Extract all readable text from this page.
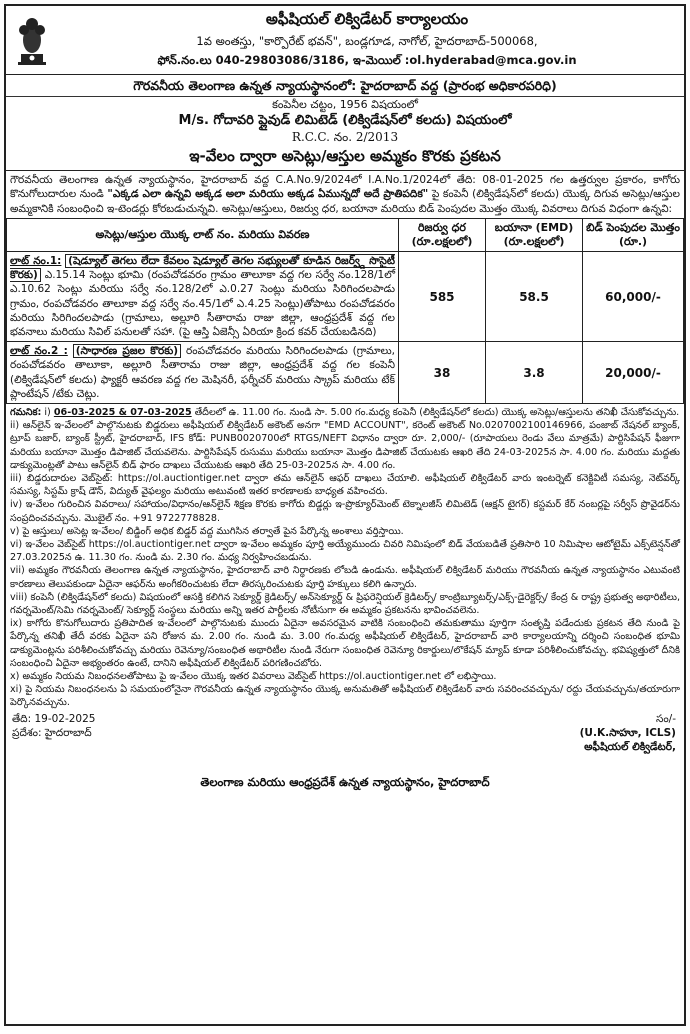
అఫీషియల్ లిక్విడేటర్ కార్యాలయం
1వ అంతస్తు, "కార్పొరేట్ భవన్", బండ్లగూడ, నాగోల్, హైదరాబాద్-500068,
ఫోన్.నం.లు 040-29803086/3186, ఇ-మెయిల్ :ol.hyderabad@mca.gov.in
గౌరవనీయ తెలంగాణ ఉన్నత న్యాయస్థానంలో: హైదరాబాద్ వద్ద (ప్రారంభ అధికారపరిధి)
కంపెనీల చట్టం, 1956 విషయంలో
M/s. గోదావరి ప్లైవుడ్ లిమిటెడ్ (లిక్విడేషన్‌లో కలదు) విషయంలో
R.C.C. నం. 2/2013
ఇ-వేలం ద్వారా అసెట్లు/ఆస్తుల అమ్మకం కొరకు ప్రకటన
గౌరవనీయ తెలంగాణ ఉన్నత న్యాయస్థానం, హైదరాబాద్ వద్ద C.A.No.9/2024లో I.A.No.1/2024లో తేది: 08-01-2025 గల ఉత్తర్వుల ప్రకారం, కాగోరు కొనుగోలుదారుల నుండి "ఎక్కడ ఎలా ఉన్నవి అక్కడ అలా మరియు అక్కడ ఏమున్నదో అదే ప్రాతిపదిక" పై కంపెనీ (లిక్విడేషన్‌లో కలదు) యొక్క దిగువ అసెట్లు/ఆస్తుల అమ్మకానికి సంబంధించి ఇ-టెండర్లు కోరబడుచున్నవి. అసెట్లు/ఆస్తులు, రిజర్వు ధర, బయానా మరియు బిడ్ పెంపుదల మొత్తం యొక్క వివరాలు దిగువ విధంగా ఉన్నవి:
అసెట్లు/ఆస్తుల యొక్క లాట్ నం. మరియు వివరణ	రిజర్వు ధర (రూ.లక్షలలో)	బయానా (EMD) (రూ.లక్షలలో)	బిడ్ పెంపుదల మొత్తం (రూ.)
లాట్ నం.1: (షెడ్యూల్ తెగలు లేదా కేవలం షెడ్యూల్ తెగల సభ్యులతో కూడిన రిజర్వ్డ్ సొసైటీ కొరకు) ఎ.15.14 సెంట్లు భూమి (రంపచోడవరం గ్రామం తాలూకా వద్ద గల సర్వే నం.128/1లో ఎ.10.62 సెంట్లు మరియు సర్వే నం.128/2లో ఎ.0.27 సెంట్లు మరియు సిరిగిందలపాడు గ్రామం, రంపచోడవరం తాలూకా వద్ద సర్వే నం.45/1లో ఎ.4.25 సెంట్లు)తోపాటు రంపచోడవరం మరియు సిరిగిందలపాడు (గ్రామాలు, అల్లూరి సీతారామ రాజు జిల్లా, ఆంధ్రప్రదేశ్ వద్ద గల భవనాలు మరియు సివిల్ పనులతో సహా. (పై ఆస్తి ఏజెన్సీ ఏరియా క్రింద కవర్ చేయబడినది)	585	58.5	60,000/-
లాట్ నం.2 : (సాధారణ ప్రజల కొరకు) రంపచోడవరం మరియు సిరిగిందలపాడు (గ్రామాలు, రంపచోడవరం తాలూకా, అల్లూరి సీతారామ రాజు జిల్లా, ఆంధ్రప్రదేశ్ వద్ద గల కంపెనీ (లిక్విడేషన్‌లో కలదు) ఫ్యాక్టరీ ఆవరణ వద్ద గల మెషినరీ, ఫర్నీచర్ మరియు స్క్రాప్ మరియు టేక్ ప్లాంటేషన్ /టేకు చెట్లు.	38	3.8	20,000/-

గమనిక: i) 06-03-2025 & 07-03-2025 తేదీలలో ఉ. 11.00 గం. నుండి సా. 5.00 గం.మధ్య కంపెనీ (లిక్విడేషన్‌లో కలదు) యొక్క అసెట్లు/ఆస్తులను తనిఖీ చేసుకోవచ్చును.

ii) ఆన్‌లైన్ ఇ-వేలంలో పాల్గొనుటకు బిడ్డరులు అఫీషియల్ లిక్విడేటర్ అకౌంట్ అనగా "EMD ACCOUNT", కరెంట్ అకౌంట్ No.0207002100146966, పంజాబ్ నేషనల్ బ్యాంక్, ట్రూప్ బజార్, బ్యాంక్ స్ట్రీట్, హైదరాబాద్, IFS కోడ్: PUNB0020700లో RTGS/NEFT విధానం ద్వారా రూ. 2,000/- (రూపాయలు రెండు వేలు మాత్రమే) పార్టిసిపేషన్ ఫీజుగా మరియు బయానా మొత్తం డిపాజిట్ చేయవలెను. పార్టిసిపేషన్ రుసుము మరియు బయానా మొత్తం డిపాజిట్ చేయుటకు ఆఖరి తేది 24-03-2025న సా. 4.00 గం. మరియు మద్దతు డాక్యుమెంట్లతో పాటు ఆన్‌లైన్ బిడ్ ఫారం దాఖలు చేయుటకు ఆఖరి తేది 25-03-2025న సా. 4.00 గం.

iii) బిడ్డరుదారుల వెబ్‌సైట్: https://ol.auctiontiger.net ద్వారా తమ ఆన్‌లైన్ ఆఫర్ దాఖలు చేయాలి. అఫీషియల్ లిక్విడేటర్ వారు ఇంటర్నెట్ కనెక్టివిటీ సమస్య, నెట్‌వర్క్ సమస్య, సిస్టమ్ క్రాష్ డౌన్, విద్యుత్ వైఫల్యం మరియు అటువంటి ఇతర కారణాలకు బాధ్యత వహించరు.

iv) ఇ-వేలం గురించిన వివరాలు/ సహాయం/విధానం/ఆన్‌లైన్ శిక్షణ కొరకు కాగోరు బిడ్డర్లు ఇ-ప్రొక్యూర్‌మెంట్ టెక్నాలజీస్ లిమిటెడ్ (ఆక్షన్ టైగర్) కస్టమర్ కేర్ నంబర్లపై సర్వీస్ ప్రొవైడర్‌ను సంప్రదించవచ్చును. మొబైల్ నం. +91 9722778828.

v) పై ఆస్తులు/ అసెట్ల ఇ-వేలం/ బిడ్డింగ్ అధిక బిడ్డర్ వద్ద ముగిసిన తర్వాతే పైన పేర్కొన్న అంశాలు వర్తిస్తాయి.

vi) ఇ-వేలం వెబ్‌సైట్ https://ol.auctiontiger.net ద్వారా ఇ-వేలం అమ్మకం పూర్తి అయ్యేముందు చివరి నిమిషంలో బిడ్ వేయబడితే ప్రతిసారి 10 నిమిషాల ఆటోటైమ్ ఎక్స్‌టెన్షన్‌తో 27.03.2025న ఉ. 11.30 గం. నుండి మ. 2.30 గం. మధ్య నిర్వహించబడును.

vii) అమ్మకం గౌరవనీయ తెలంగాణ ఉన్నత న్యాయస్థానం, హైదరాబాద్ వారి నిర్ధారణకు లోబడి ఉండును. అఫీషియల్ లిక్విడేటర్ మరియు గౌరవనీయ ఉన్నత న్యాయస్థానం ఎటువంటి కారణాలు తెలుపకుండా ఏదైనా ఆఫర్‌ను అంగీకరించుటకు లేదా తిరస్కరించుటకు పూర్తి హక్కులు కలిగి ఉన్నారు.

viii) కంపెనీ (లిక్విడేషన్‌లో కలదు) విషయంలో ఆసక్తి కలిగిన సెక్యూర్డ్ క్రెడిటర్స్/ అన్‌సెక్యూర్డ్ & ప్రిఫరెన్షియల్ క్రెడిటర్స్/ కాంట్రిబ్యూటర్స్/ఎక్స్-డైరెక్టర్స్/ కేంద్ర & రాష్ట్ర ప్రభుత్వ అథారిటీలు, గవర్నమెంట్/సెమి గవర్నమెంట్/ సెక్యూర్డ్ సంస్థలు మరియు అన్ని ఇతర పార్టీలకు నోటీసుగా ఈ అమ్మకం ప్రకటనను భావించవలెను.

ix) కాగోరు కొనుగోలుదారు ప్రతిపాదిత ఇ-వేలంలో పాల్గొనుటకు ముందు ఏదైనా అవసరమైన వాటికి సంబంధించి తమకుతాము పూర్తిగా సంతృప్తి పడేందుకు ప్రకటన తేది నుండి పై పేర్కొన్న తనిఖీ తేదీ వరకు ఏదైనా పని రోజున మ. 2.00 గం. నుండి మ. 3.00 గం.మధ్య అఫీషియల్ లిక్విడేటర్, హైదరాబాద్ వారి కార్యాలయాన్ని దర్శించి సంబంధిత భూమి డాక్యుమెంట్లను పరిశీలించుకోవచ్చు మరియు రెవెన్యూ/సంబంధిత అథారిటీల నుండి నేరుగా సంబంధిత రెవెన్యూ రికార్డులు/లొకేషన్ మ్యాప్ కూడా పరిశీలించుకోవచ్చు. భవిష్యత్తులో దీనికి సంబంధించి ఏదైనా అభ్యంతరం ఉంటే, దానిని అఫీషియల్ లిక్విడేటర్ పరిగణించబోరు.

x) అమ్మకం నియమ నిబంధనలతోపాటు పై ఇ-వేలం యొక్క ఇతర వివరాలు వెబ్‌సైట్ https://ol.auctiontiger.net లో లభిస్తాయి.

xi) పై నియమ నిబంధనలను ఏ సమయంలోనైనా గౌరవనీయ ఉన్నత న్యాయస్థానం యొక్క అనుమతితో అఫీషియల్ లిక్విడేటర్ వారు సవరించవచ్చును/ రద్దు చేయవచ్చును/తయారుగా పెర్కొనవచ్చును.

తేది: 19-02-2025
ప్రదేశం: హైదరాబాద్
సం/-
(U.K.సాహూ, ICLS)
అఫీషియల్ లిక్విడేటర్,
తెలంగాణ మరియు ఆంధ్రప్రదేశ్ ఉన్నత న్యాయస్థానం, హైదరాబాద్
